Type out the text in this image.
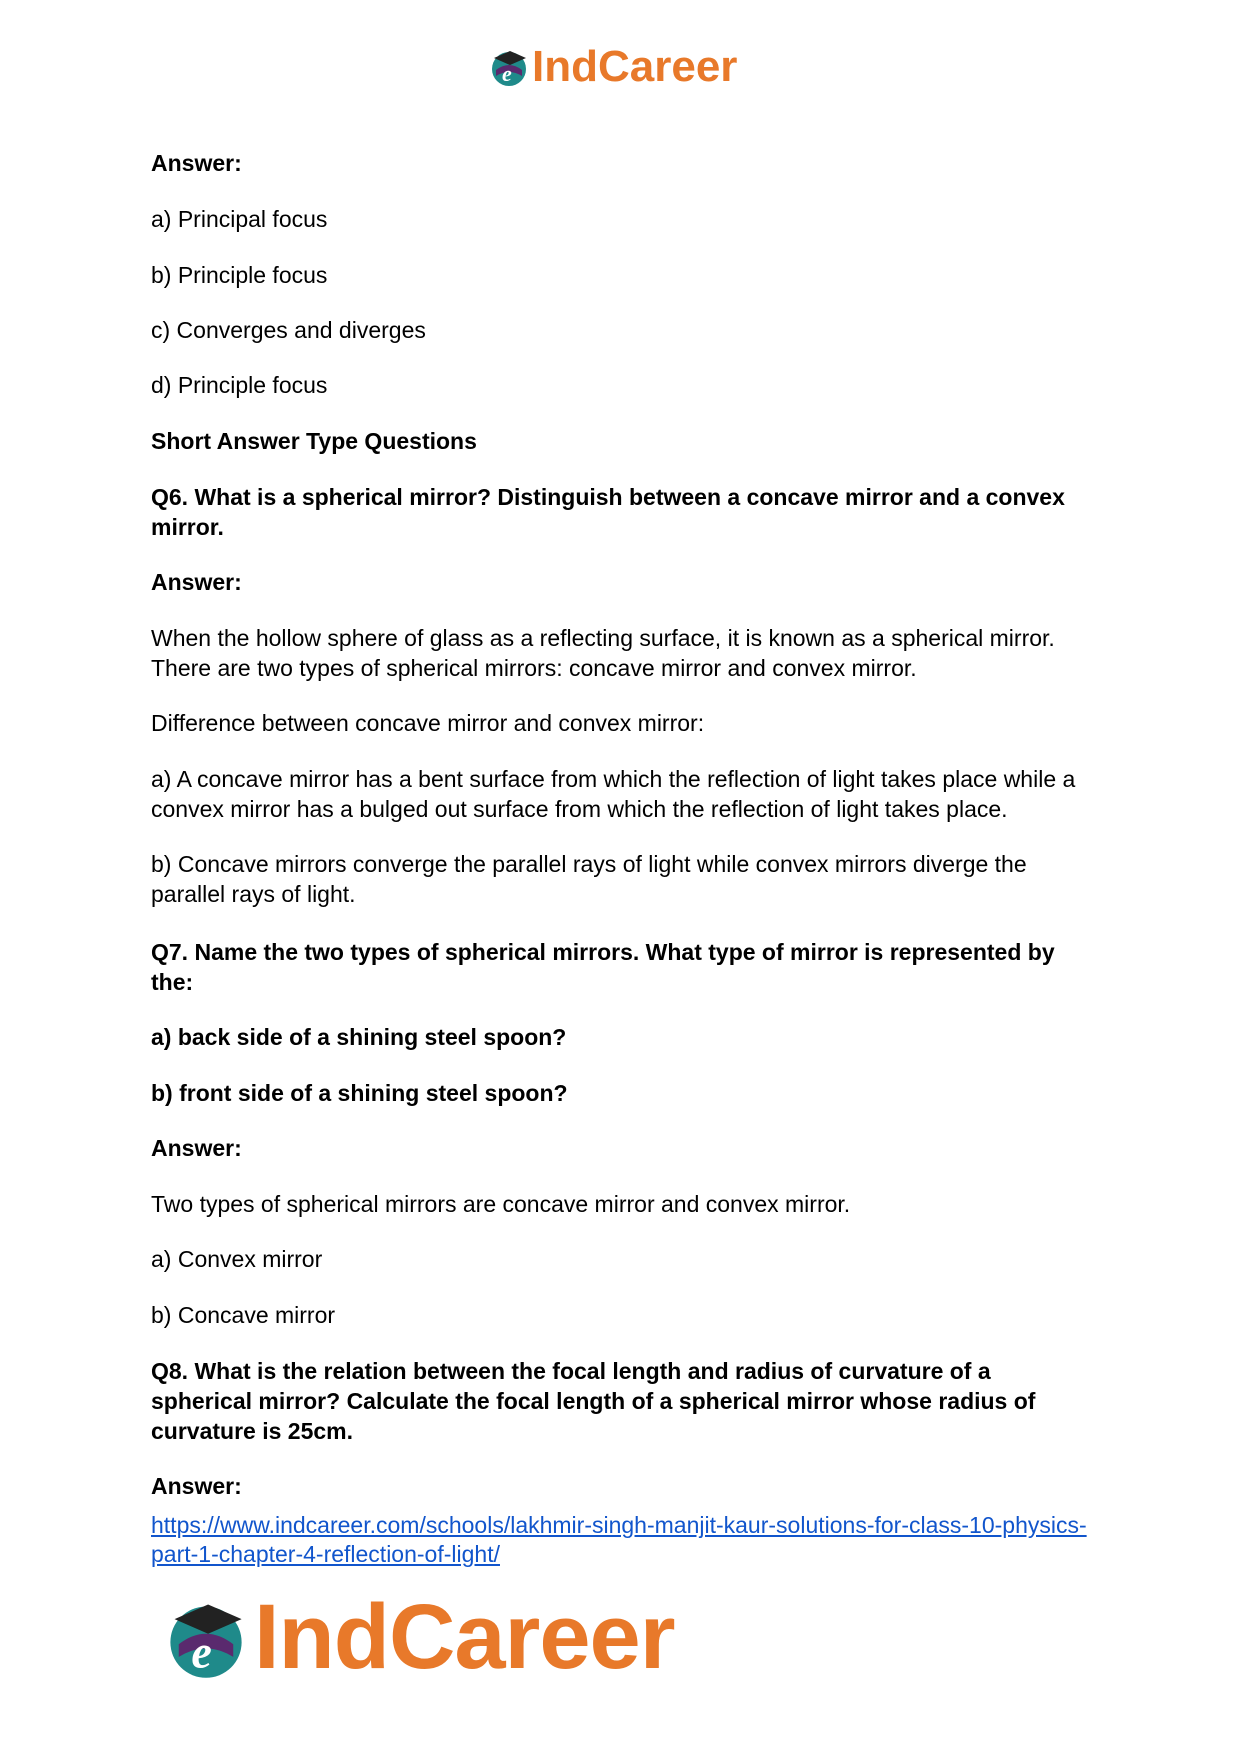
e IndCareer
Answer:
a) Principal focus
b) Principle focus
c) Converges and diverges
d) Principle focus
Short Answer Type Questions
Q6. What is a spherical mirror? Distinguish between a concave mirror and a convex
mirror.
Answer:
When the hollow sphere of glass as a reflecting surface, it is known as a spherical mirror.
There are two types of spherical mirrors: concave mirror and convex mirror.
Difference between concave mirror and convex mirror:
a) A concave mirror has a bent surface from which the reflection of light takes place while a
convex mirror has a bulged out surface from which the reflection of light takes place.
b) Concave mirrors converge the parallel rays of light while convex mirrors diverge the
parallel rays of light.
Q7. Name the two types of spherical mirrors. What type of mirror is represented by
the:
a) back side of a shining steel spoon?
b) front side of a shining steel spoon?
Answer:
Two types of spherical mirrors are concave mirror and convex mirror.
a) Convex mirror
b) Concave mirror
Q8. What is the relation between the focal length and radius of curvature of a
spherical mirror? Calculate the focal length of a spherical mirror whose radius of
curvature is 25cm.
Answer:
https://www.indcareer.com/schools/lakhmir-singh-manjit-kaur-solutions-for-class-10-physics-
part-1-chapter-4-reflection-of-light/
e IndCareer
